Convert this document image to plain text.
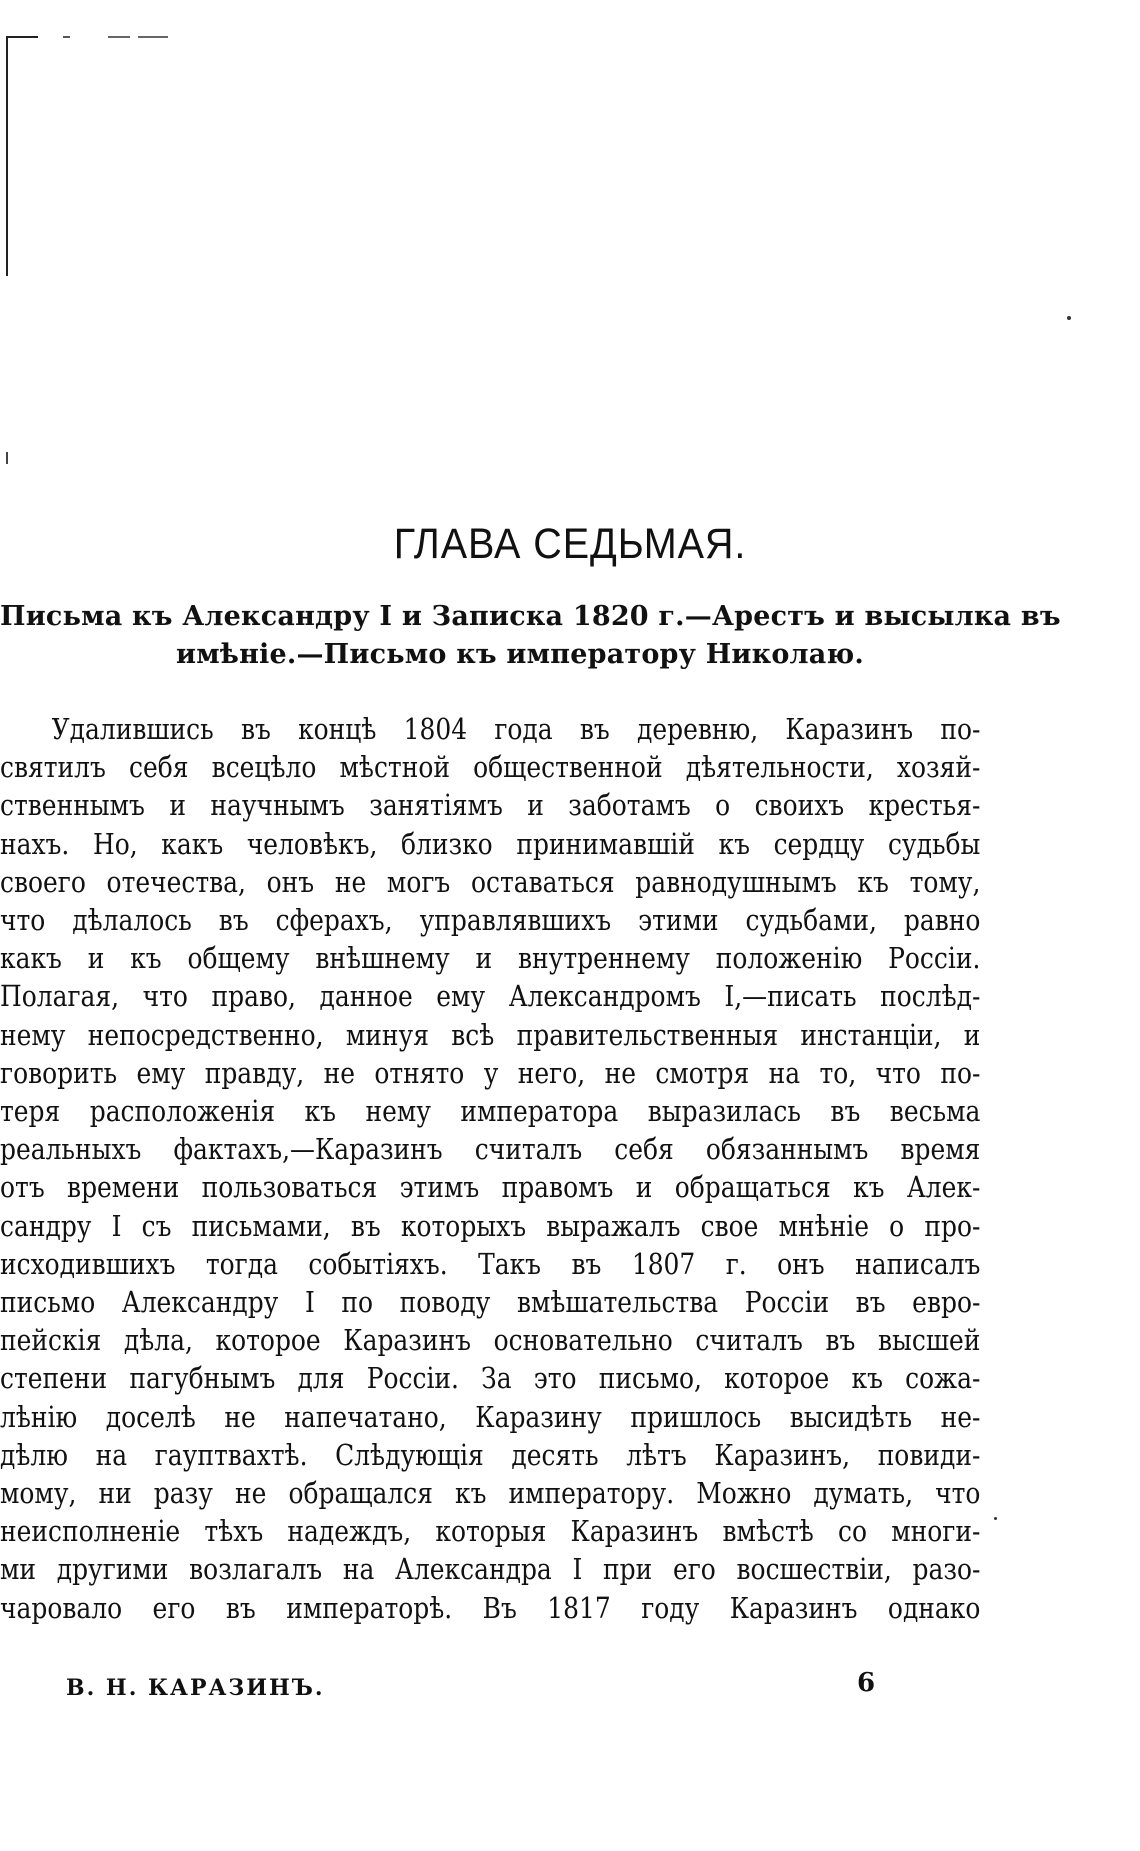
ГЛАВА СЕДЬМАЯ.

Письма къ Александру I и Записка 1820 г.—Арестъ и высылка въ
имѣніе.—Письмо къ императору Николаю.

Удалившись въ концѣ 1804 года въ деревню, Каразинъ по-
святилъ себя всецѣло мѣстной общественной дѣятельности, хозяй-
ственнымъ и научнымъ занятіямъ и заботамъ о своихъ крестья-
нахъ. Но, какъ человѣкъ, близко принимавшій къ сердцу судьбы
своего отечества, онъ не могъ оставаться равнодушнымъ къ тому,
что дѣлалось въ сферахъ, управлявшихъ этими судьбами, равно
какъ и къ общему внѣшнему и внутреннему положенію Россіи.
Полагая, что право, данное ему Александромъ I,—писать послѣд-
нему непосредственно, минуя всѣ правительственныя инстанціи, и
говорить ему правду, не отнято у него, не смотря на то, что по-
теря расположенія къ нему императора выразилась въ весьма
реальныхъ фактахъ,—Каразинъ считалъ себя обязаннымъ время
отъ времени пользоваться этимъ правомъ и обращаться къ Алек-
сандру I съ письмами, въ которыхъ выражалъ свое мнѣніе о про-
исходившихъ тогда событіяхъ. Такъ въ 1807 г. онъ написалъ
письмо Александру I по поводу вмѣшательства Россіи въ евро-
пейскія дѣла, которое Каразинъ основательно считалъ въ высшей
степени пагубнымъ для Россіи. За это письмо, которое къ сожа-
лѣнію доселѣ не напечатано, Каразину пришлось высидѣть не-
дѣлю на гауптвахтѣ. Слѣдующія десять лѣтъ Каразинъ, повиди-
мому, ни разу не обращался къ императору. Можно думать, что
неисполненіе тѣхъ надеждъ, которыя Каразинъ вмѣстѣ со многи-
ми другими возлагалъ на Александра I при его восшествіи, разо-
чаровало его въ императорѣ. Въ 1817 году Каразинъ однако
В. Н. КАРАЗИНЪ.	6
